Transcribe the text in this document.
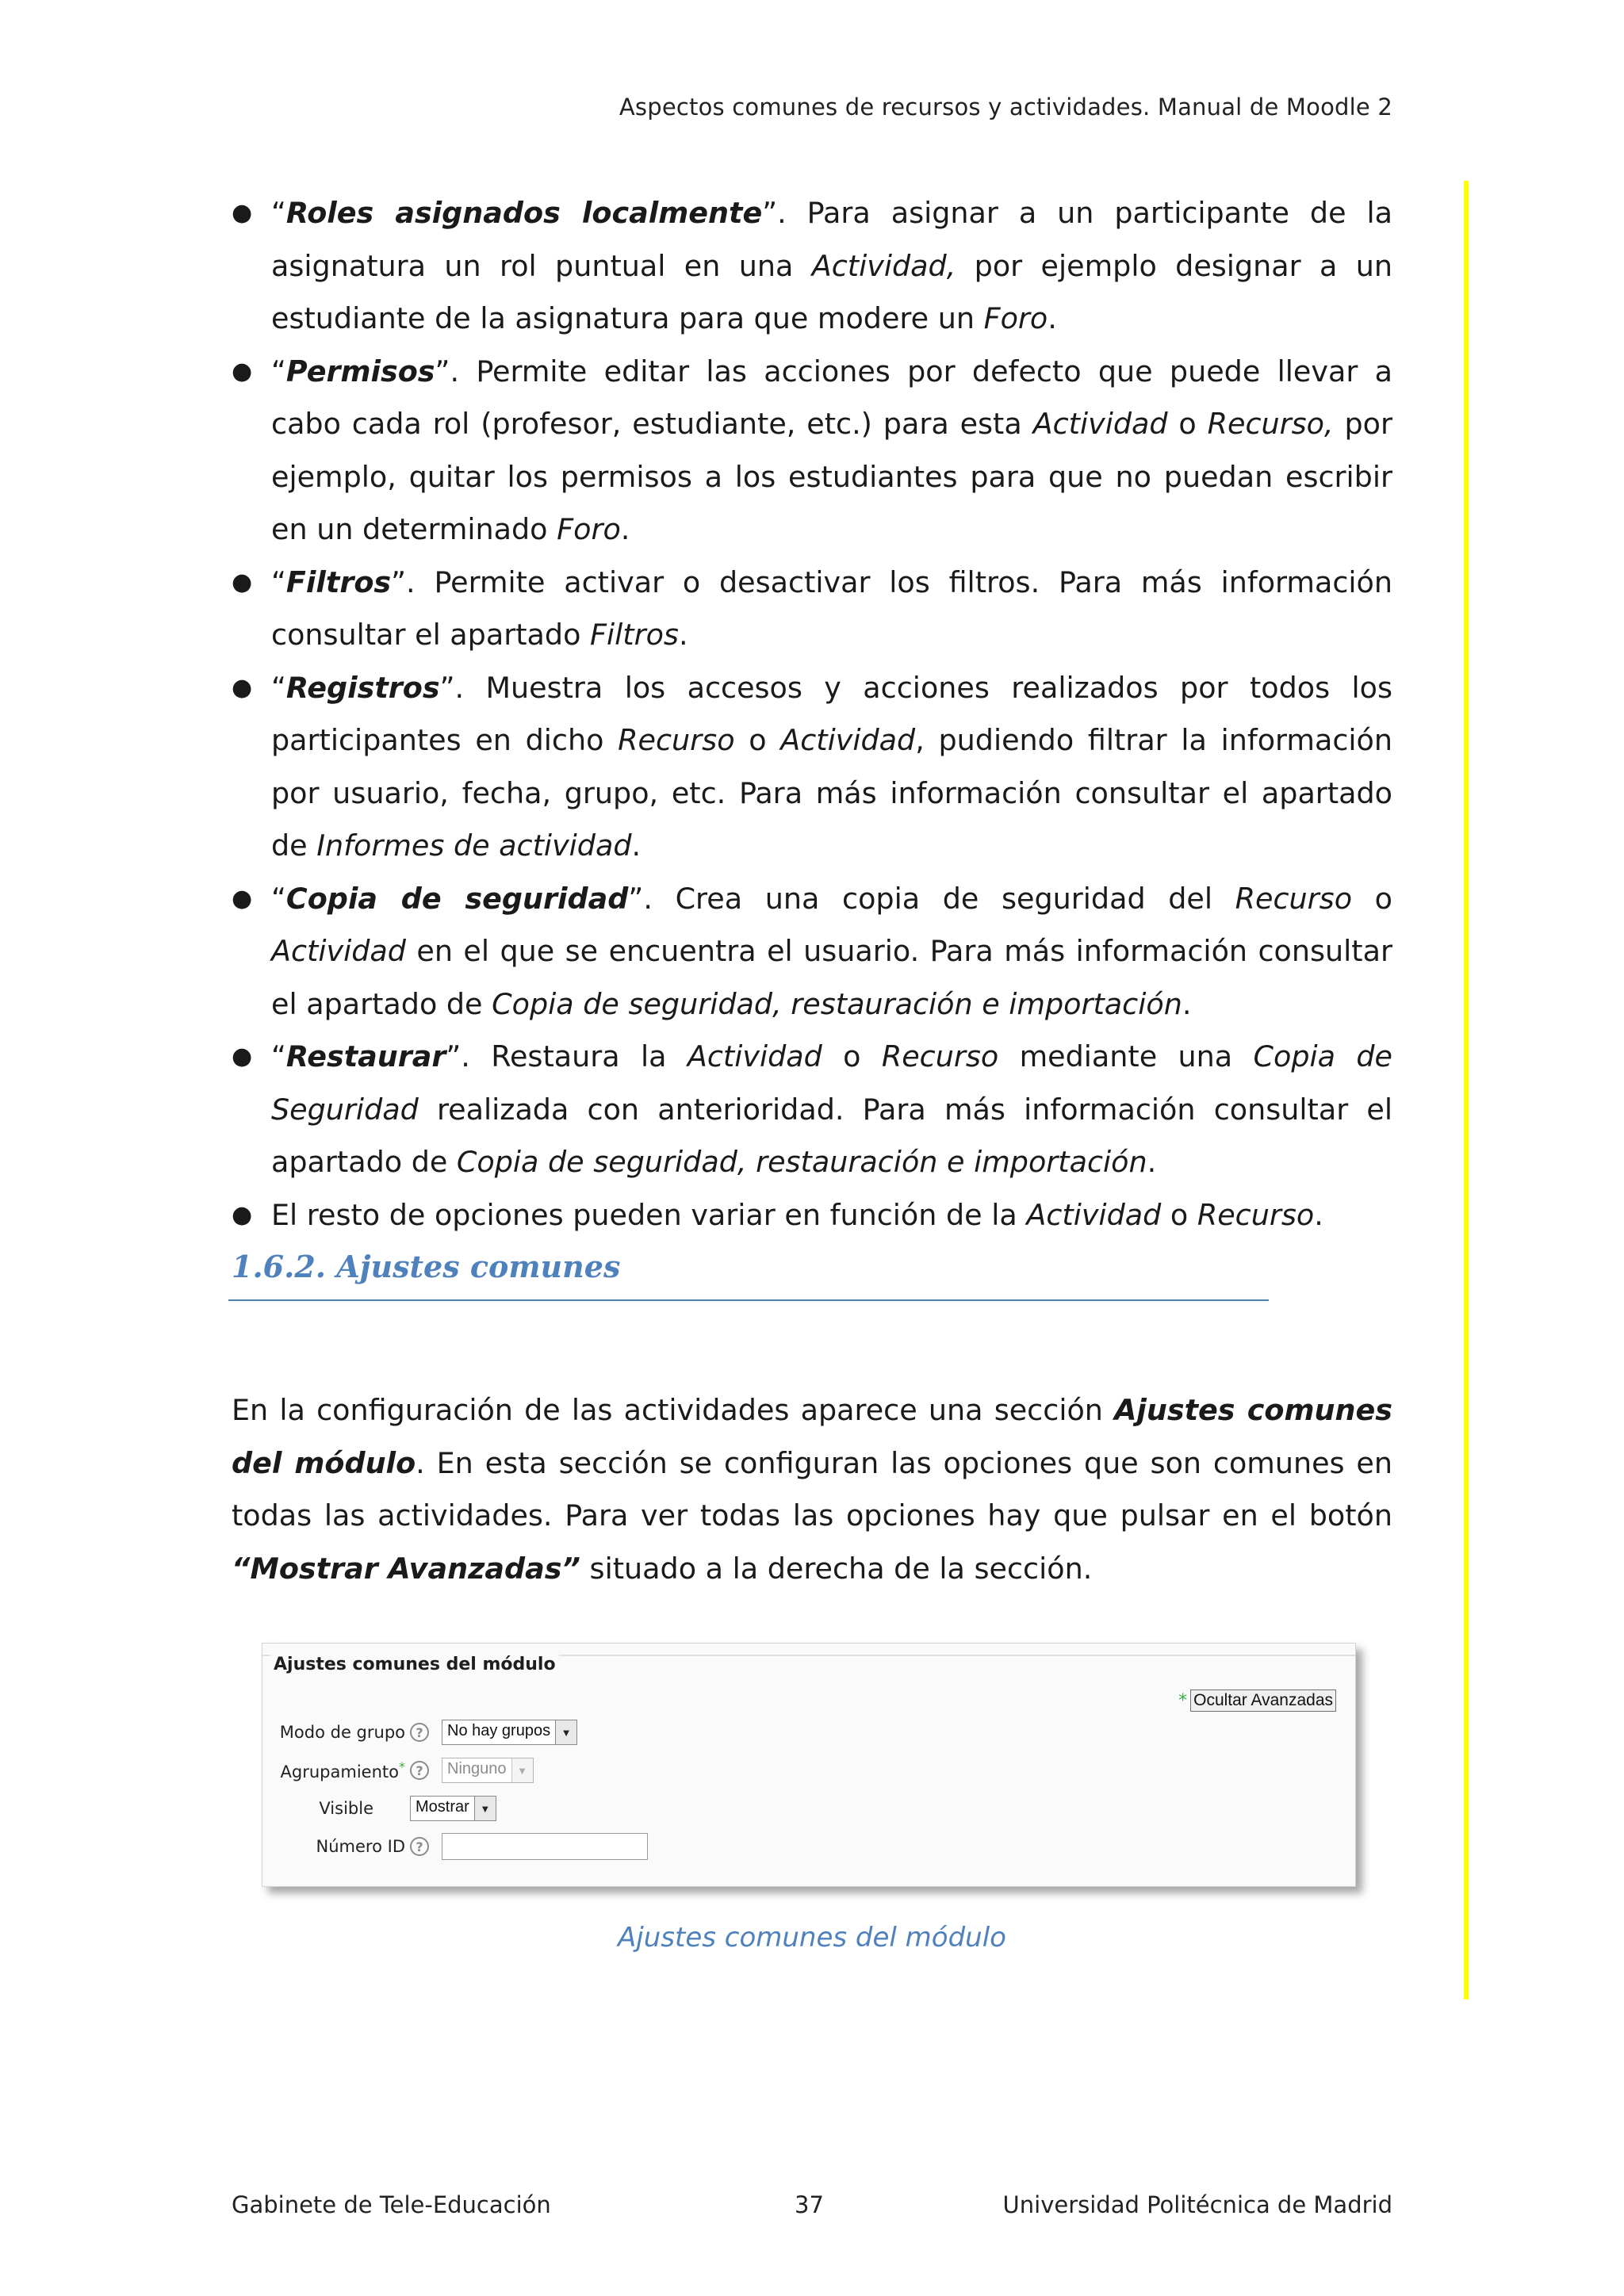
Aspectos comunes de recursos y actividades. Manual de Moodle 2
● “Roles asignados localmente”. Para asignar a un participante de la asignatura un rol puntual en una Actividad, por ejemplo designar a un estudiante de la asignatura para que modere un Foro.
● “Permisos”. Permite editar las acciones por defecto que puede llevar a cabo cada rol (profesor, estudiante, etc.) para esta Actividad o Recurso, por ejemplo, quitar los permisos a los estudiantes para que no puedan escribir en un determinado Foro.
● “Filtros”. Permite activar o desactivar los filtros. Para más información consultar el apartado Filtros.
● “Registros”. Muestra los accesos y acciones realizados por todos los participantes en dicho Recurso o Actividad, pudiendo filtrar la información por usuario, fecha, grupo, etc. Para más información consultar el apartado de Informes de actividad.
● “Copia de seguridad”. Crea una copia de seguridad del Recurso o Actividad en el que se encuentra el usuario. Para más información consultar el apartado de Copia de seguridad, restauración e importación.
● “Restaurar”. Restaura la Actividad o Recurso mediante una Copia de Seguridad realizada con anterioridad. Para más información consultar el apartado de Copia de seguridad, restauración e importación.
● El resto de opciones pueden variar en función de la Actividad o Recurso.
1.6.2. Ajustes comunes
En la configuración de las actividades aparece una sección Ajustes comunes del módulo. En esta sección se configuran las opciones que son comunes en todas las actividades. Para ver todas las opciones hay que pulsar en el botón “Mostrar Avanzadas” situado a la derecha de la sección.
Ajustes comunes del módulo
* Ocultar Avanzadas
Modo de grupo ?	No hay grupos	▼
Agrupamiento* ?	Ninguno	▼
Visible	Mostrar	▼
Número ID ?
Ajustes comunes del módulo
Gabinete de Tele-Educación	37	Universidad Politécnica de Madrid
